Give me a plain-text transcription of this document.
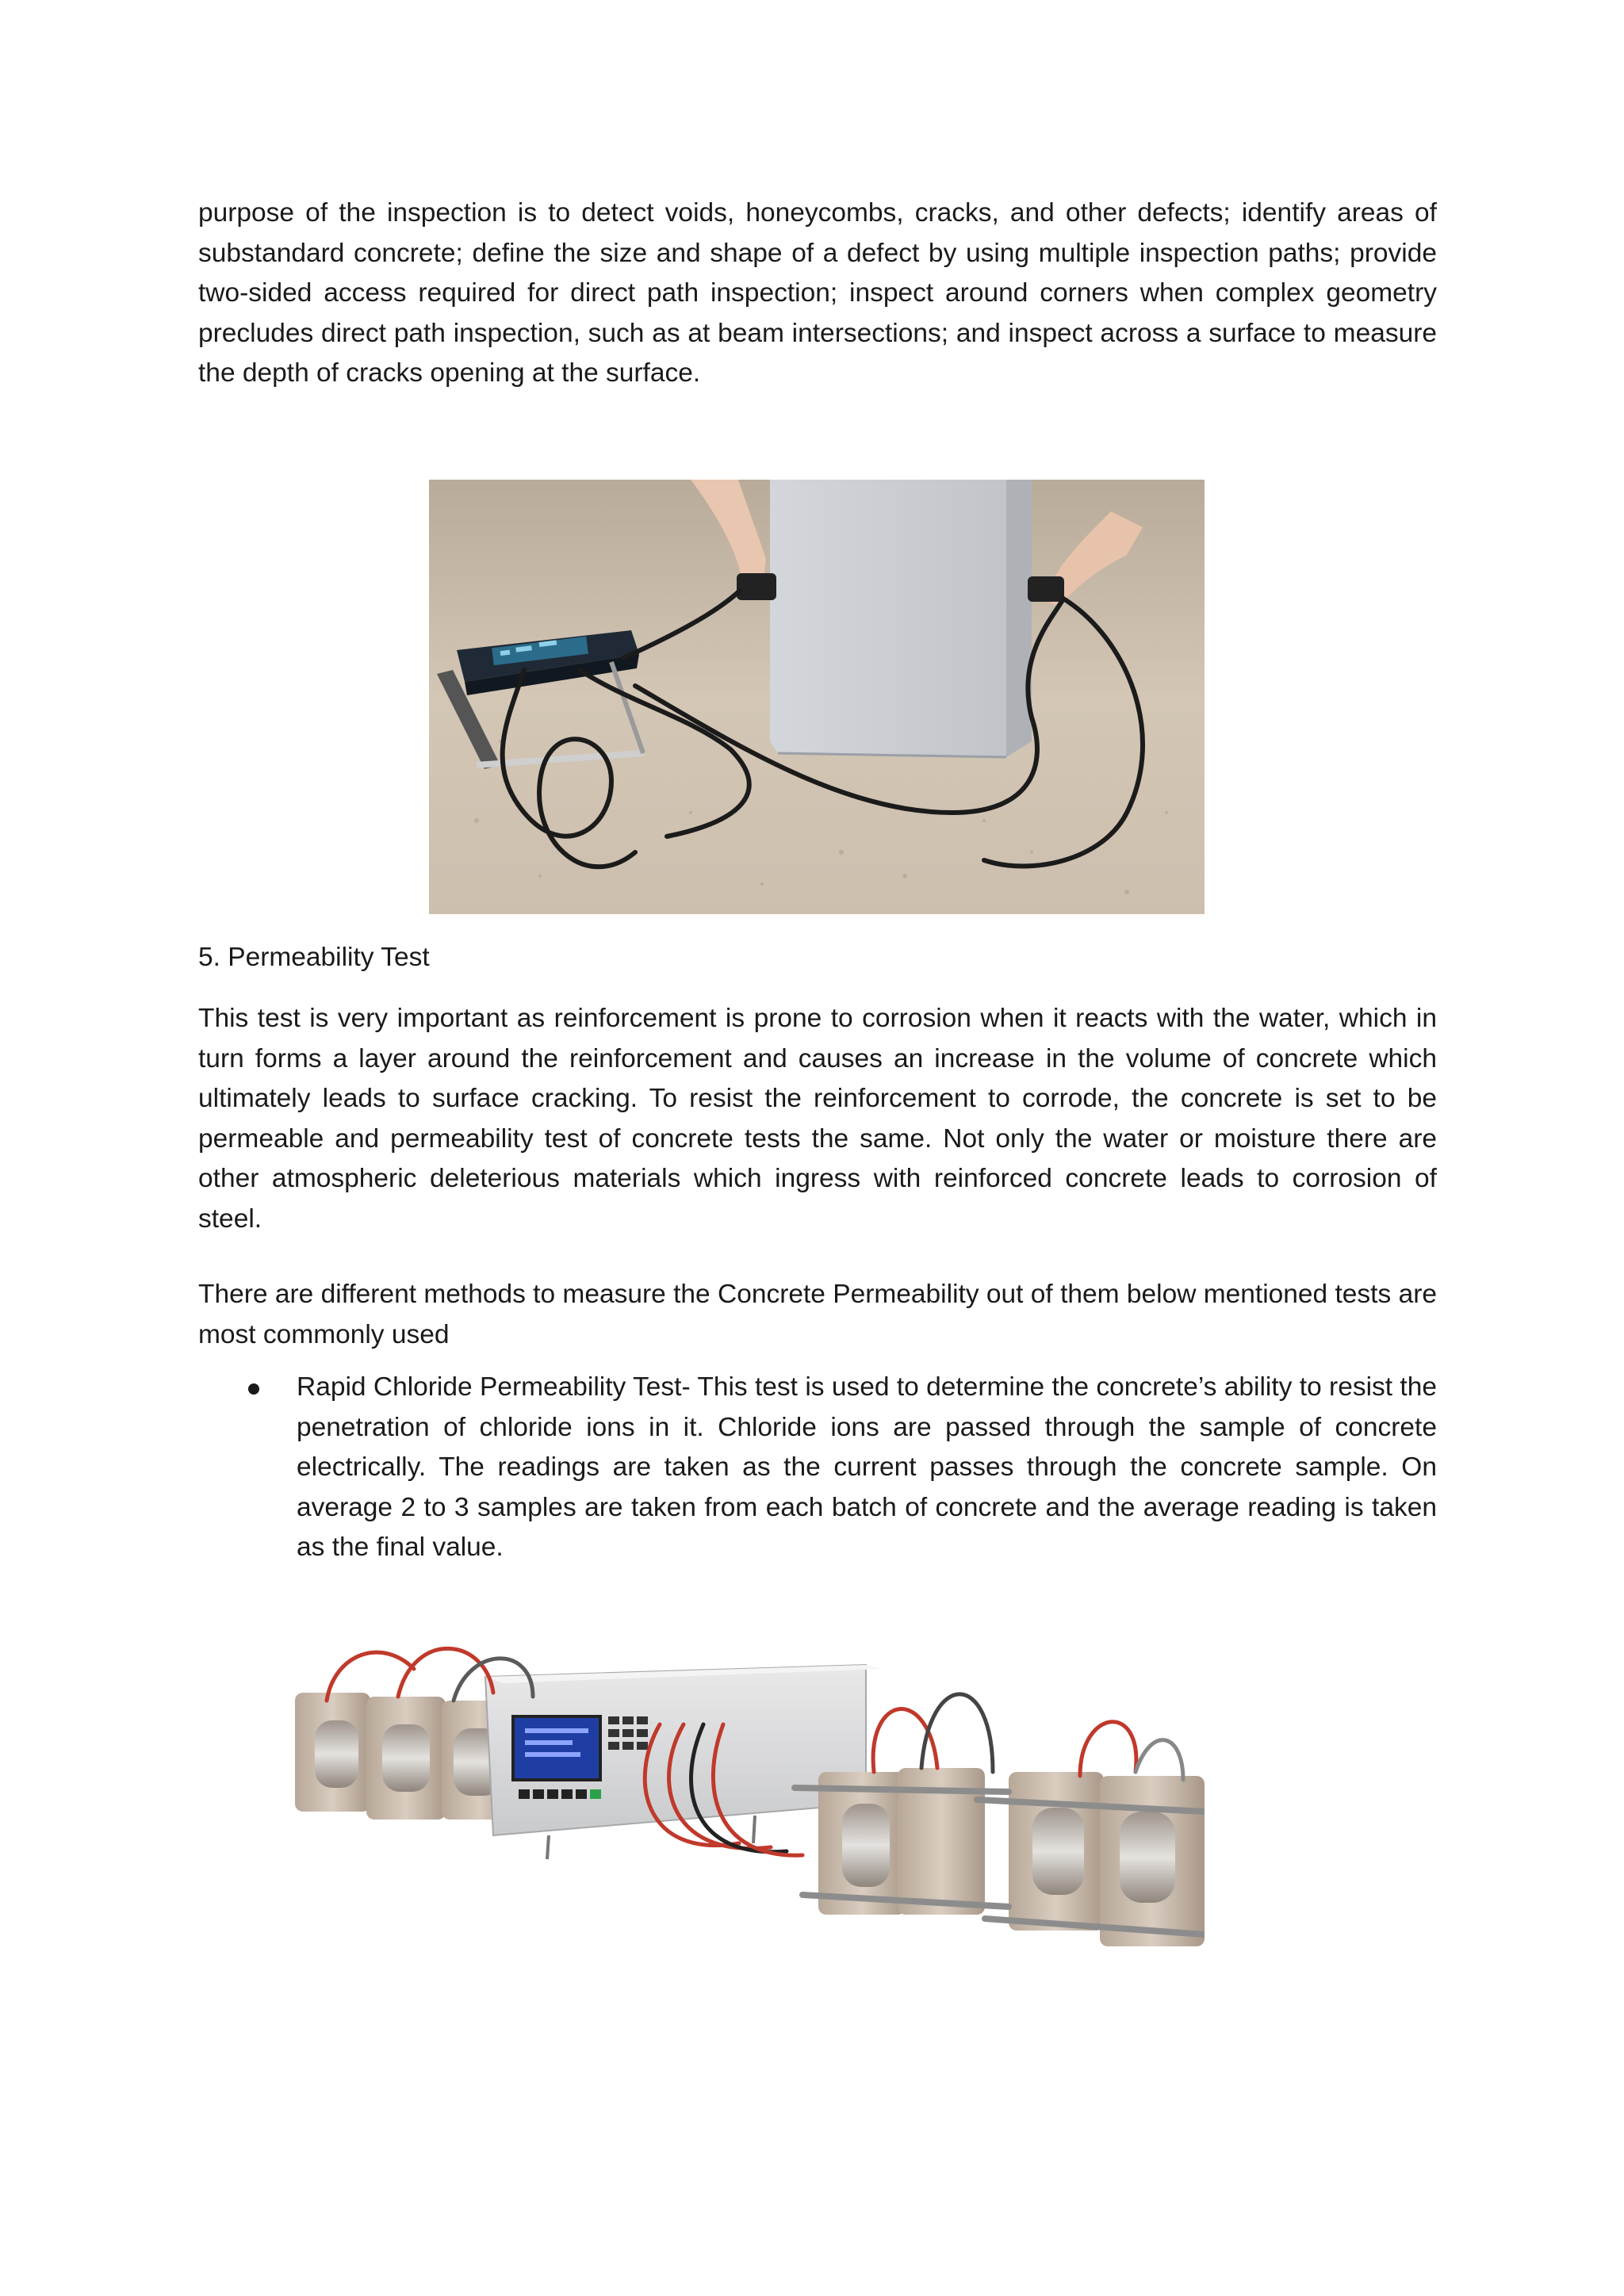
purpose of the inspection is to detect voids, honeycombs, cracks, and other defects; identify areas of substandard concrete; define the size and shape of a defect by using multiple inspection paths; provide two-sided access required for direct path inspection; inspect around corners when complex geometry precludes direct path inspection, such as at beam intersections; and inspect across a surface to measure the depth of cracks opening at the surface.

5. Permeability Test

This test is very important as reinforcement is prone to corrosion when it reacts with the water, which in turn forms a layer around the reinforcement and causes an increase in the volume of concrete which ultimately leads to surface cracking. To resist the reinforcement to corrode, the concrete is set to be permeable and permeability test of concrete tests the same. Not only the water or moisture there are other atmospheric deleterious materials which ingress with reinforced concrete leads to corrosion of steel.

There are different methods to measure the Concrete Permeability out of them below mentioned tests are most commonly used

Rapid Chloride Permeability Test- This test is used to determine the concrete’s ability to resist the penetration of chloride ions in it. Chloride ions are passed through the sample of concrete electrically. The readings are taken as the current passes through the concrete sample. On average 2 to 3 samples are taken from each batch of concrete and the average reading is taken as the final value.
